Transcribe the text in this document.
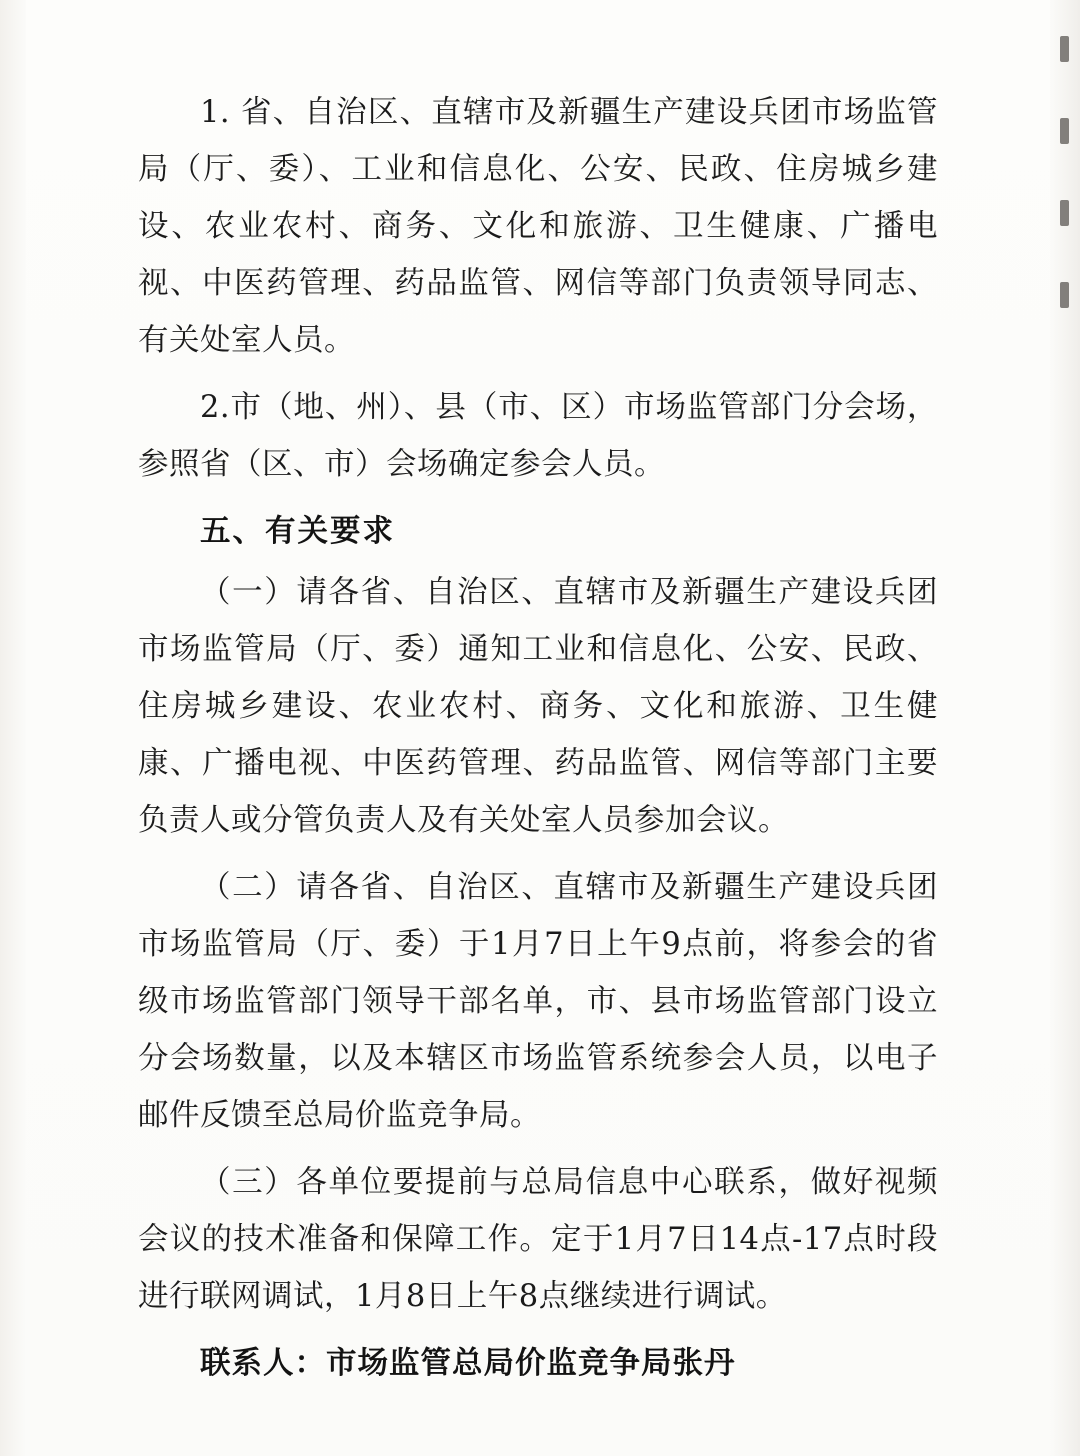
1. 省、自治区、直辖市及新疆生产建设兵团市场监管局（厅、委）、工业和信息化、公安、民政、住房城乡建设、农业农村、商务、文化和旅游、卫生健康、广播电视、中医药管理、药品监管、网信等部门负责领导同志、有关处室人员。

2.市（地、州）、县（市、区）市场监管部门分会场，参照省（区、市）会场确定参会人员。

五、有关要求

（一）请各省、自治区、直辖市及新疆生产建设兵团市场监管局（厅、委）通知工业和信息化、公安、民政、住房城乡建设、农业农村、商务、文化和旅游、卫生健康、广播电视、中医药管理、药品监管、网信等部门主要负责人或分管负责人及有关处室人员参加会议。

（二）请各省、自治区、直辖市及新疆生产建设兵团市场监管局（厅、委）于1月7日上午9点前，将参会的省级市场监管部门领导干部名单，市、县市场监管部门设立分会场数量，以及本辖区市场监管系统参会人员，以电子邮件反馈至总局价监竞争局。

（三）各单位要提前与总局信息中心联系，做好视频会议的技术准备和保障工作。定于1月7日14点-17点时段进行联网调试，1月8日上午8点继续进行调试。

联系人：市场监管总局价监竞争局张丹
